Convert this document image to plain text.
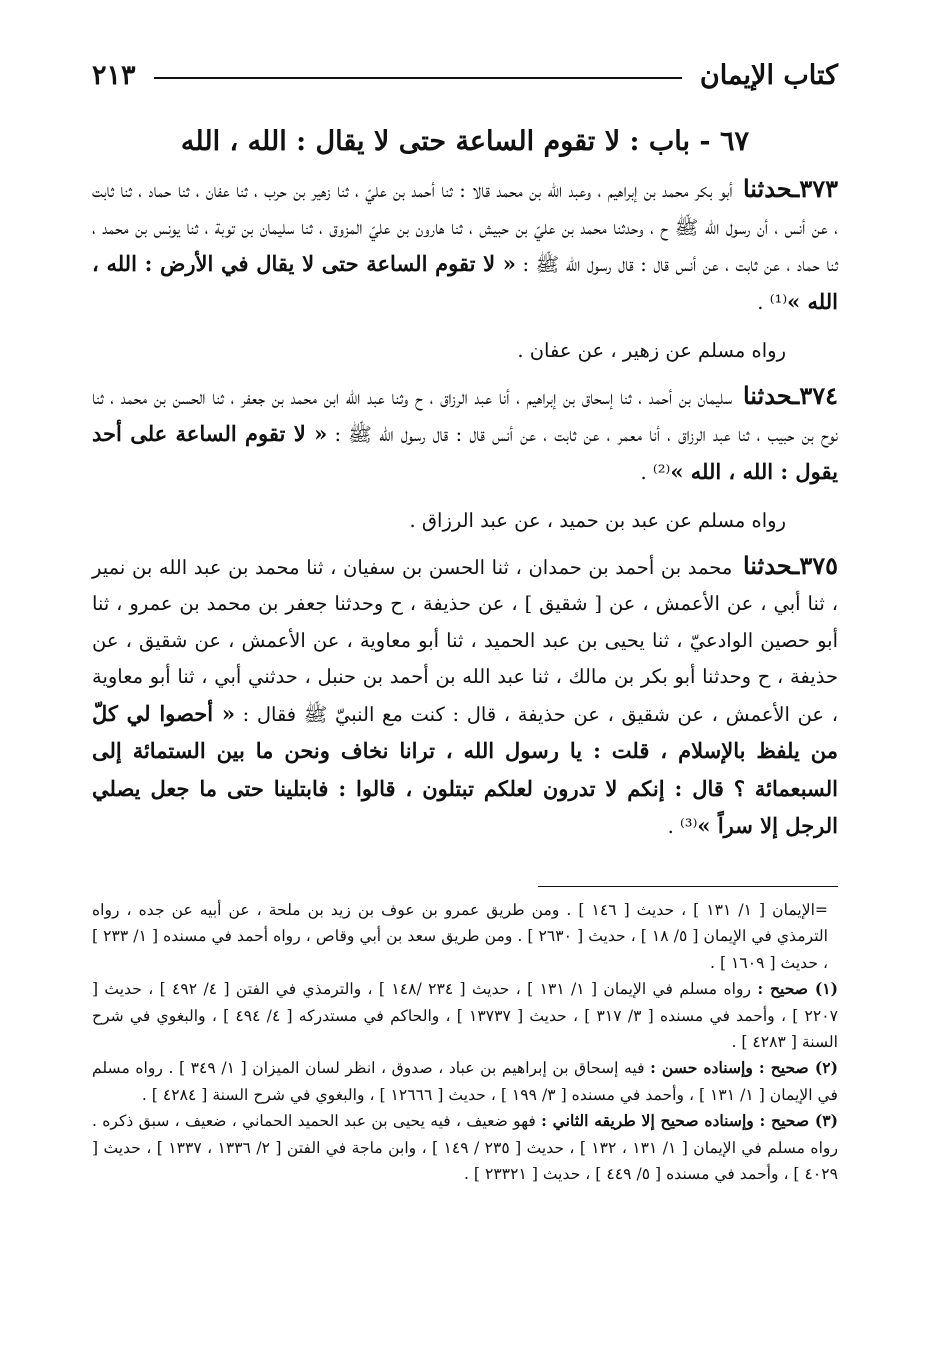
كتاب الإيمان
٢١٣
٦٧ - باب : لا تقوم الساعة حتى لا يقال : الله ، الله

٣٧٣ـحدثنا أبو بكر محمد بن إبراهيم ، وعبد الله بن محمد قالا : ثنا أحمد بن عليّ ، ثنا زهير بن حرب ، ثنا عفان ، ثنا حماد ، ثنا ثابت ، عن أنس ، أن رسول الله ﷺ ح ، وحدثنا محمد بن عليّ بن حبيش ، ثنا هارون بن عليّ المزوق ، ثنا سليمان بن توبة ، ثنا يونس بن محمد ، ثنا حماد ، عن ثابت ، عن أنس قال : قال رسول الله ﷺ : « لا تقوم الساعة حتى لا يقال في الأرض : الله ، الله »⁽¹⁾ .

رواه مسلم عن زهير ، عن عفان .

٣٧٤ـحدثنا سليمان بن أحمد ، ثنا إسحاق بن إبراهيم ، أنا عبد الرزاق ، ح وثنا عبد الله ابن محمد بن جعفر ، ثنا الحسن بن محمد ، ثنا نوح بن حبيب ، ثنا عبد الرزاق ، أنا معمر ، عن ثابت ، عن أنس قال : قال رسول الله ﷺ : « لا تقوم الساعة على أحد يقول : الله ، الله »⁽²⁾ .

رواه مسلم عن عبد بن حميد ، عن عبد الرزاق .

٣٧٥ـحدثنا محمد بن أحمد بن حمدان ، ثنا الحسن بن سفيان ، ثنا محمد بن عبد الله بن نمير ، ثنا أبي ، عن الأعمش ، عن [ شقيق ] ، عن حذيفة ، ح وحدثنا جعفر بن محمد بن عمرو ، ثنا أبو حصين الوادعيّ ، ثنا يحيى بن عبد الحميد ، ثنا أبو معاوية ، عن الأعمش ، عن شقيق ، عن حذيفة ، ح وحدثنا أبو بكر بن مالك ، ثنا عبد الله بن أحمد بن حنبل ، حدثني أبي ، ثنا أبو معاوية ، عن الأعمش ، عن شقيق ، عن حذيفة ، قال : كنت مع النبيّ ﷺ فقال : « أحصوا لي كلّ من يلفظ بالإسلام ، قلت : يا رسول الله ، ترانا نخاف ونحن ما بين الستمائة إلى السبعمائة ؟ قال : إنكم لا تدرون لعلكم تبتلون ، قالوا : فابتلينا حتى ما جعل يصلي الرجل إلا سراً »⁽³⁾ .

=الإيمان [ ١/ ١٣١ ] ، حديث [ ١٤٦ ] . ومن طريق عمرو بن عوف بن زيد بن ملحة ، عن أبيه عن جده ، رواه الترمذي في الإيمان [ ٥/ ١٨ ] ، حديث [ ٢٦٣٠ ] . ومن طريق سعد بن أبي وقاص ، رواه أحمد في مسنده [ ١/ ٢٣٣ ] ، حديث [ ١٦٠٩ ] .

(١) صحيح : رواه مسلم في الإيمان [ ١/ ١٣١ ] ، حديث [ ٢٣٤ /١٤٨ ] ، والترمذي في الفتن [ ٤/ ٤٩٢ ] ، حديث [ ٢٢٠٧ ] ، وأحمد في مسنده [ ٣/ ٣١٧ ] ، حديث [ ١٣٧٣٧ ] ، والحاكم في مستدركه [ ٤/ ٤٩٤ ] ، والبغوي في شرح السنة [ ٤٢٨٣ ] .

(٢) صحيح : وإسناده حسن : فيه إسحاق بن إبراهيم بن عباد ، صدوق ، انظر لسان الميزان [ ١/ ٣٤٩ ] . رواه مسلم في الإيمان [ ١/ ١٣١ ] ، وأحمد في مسنده [ ٣/ ١٩٩ ] ، حديث [ ١٢٦٦٦ ] ، والبغوي في شرح السنة [ ٤٢٨٤ ] .

(٣) صحيح : وإسناده صحيح إلا طريقه الثاني : فهو ضعيف ، فيه يحيى بن عبد الحميد الحماني ، ضعيف ، سبق ذكره . رواه مسلم في الإيمان [ ١/ ١٣١ ، ١٣٢ ] ، حديث [ ٢٣٥ / ١٤٩ ] ، وابن ماجة في الفتن [ ٢/ ١٣٣٦ ، ١٣٣٧ ] ، حديث [ ٤٠٢٩ ] ، وأحمد في مسنده [ ٥/ ٤٤٩ ] ، حديث [ ٢٣٣٢١ ] .
